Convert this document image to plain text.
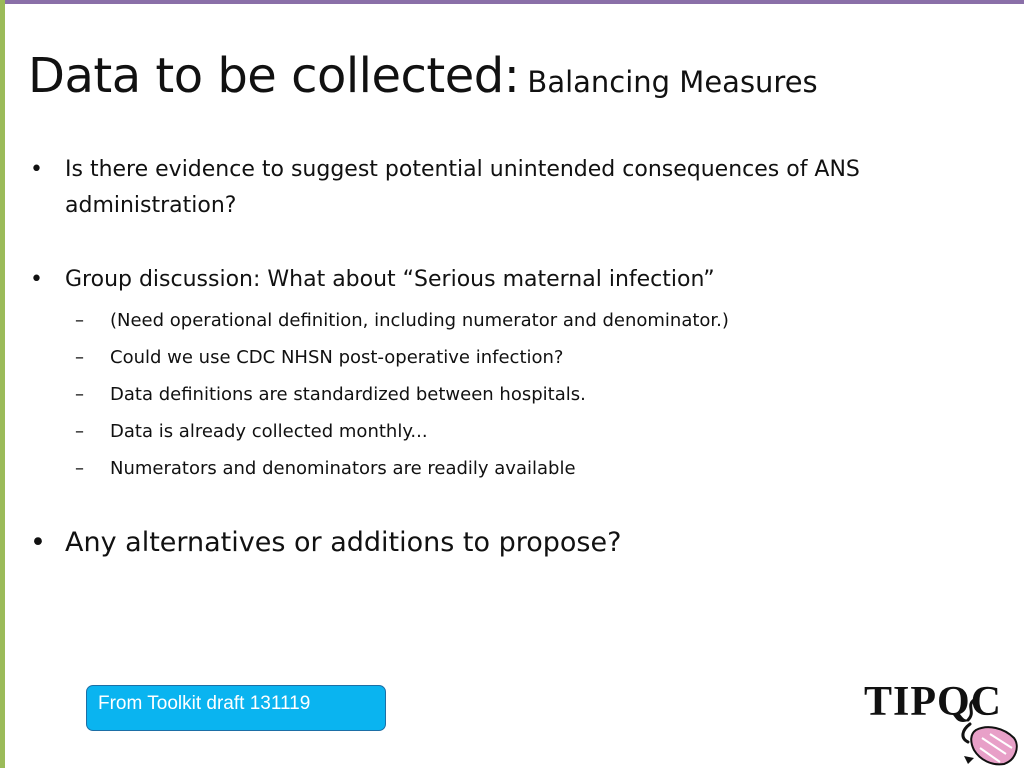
Data to be collected: Balancing Measures
• Is there evidence to suggest potential unintended consequences of ANS administration?
• Group discussion: What about “Serious maternal infection”
– (Need operational definition, including numerator and denominator.)
– Could we use CDC NHSN post-operative infection?
– Data definitions are standardized between hospitals.
– Data is already collected monthly...
– Numerators and denominators are readily available
• Any alternatives or additions to propose?
From Toolkit draft 131119	TIPQC
